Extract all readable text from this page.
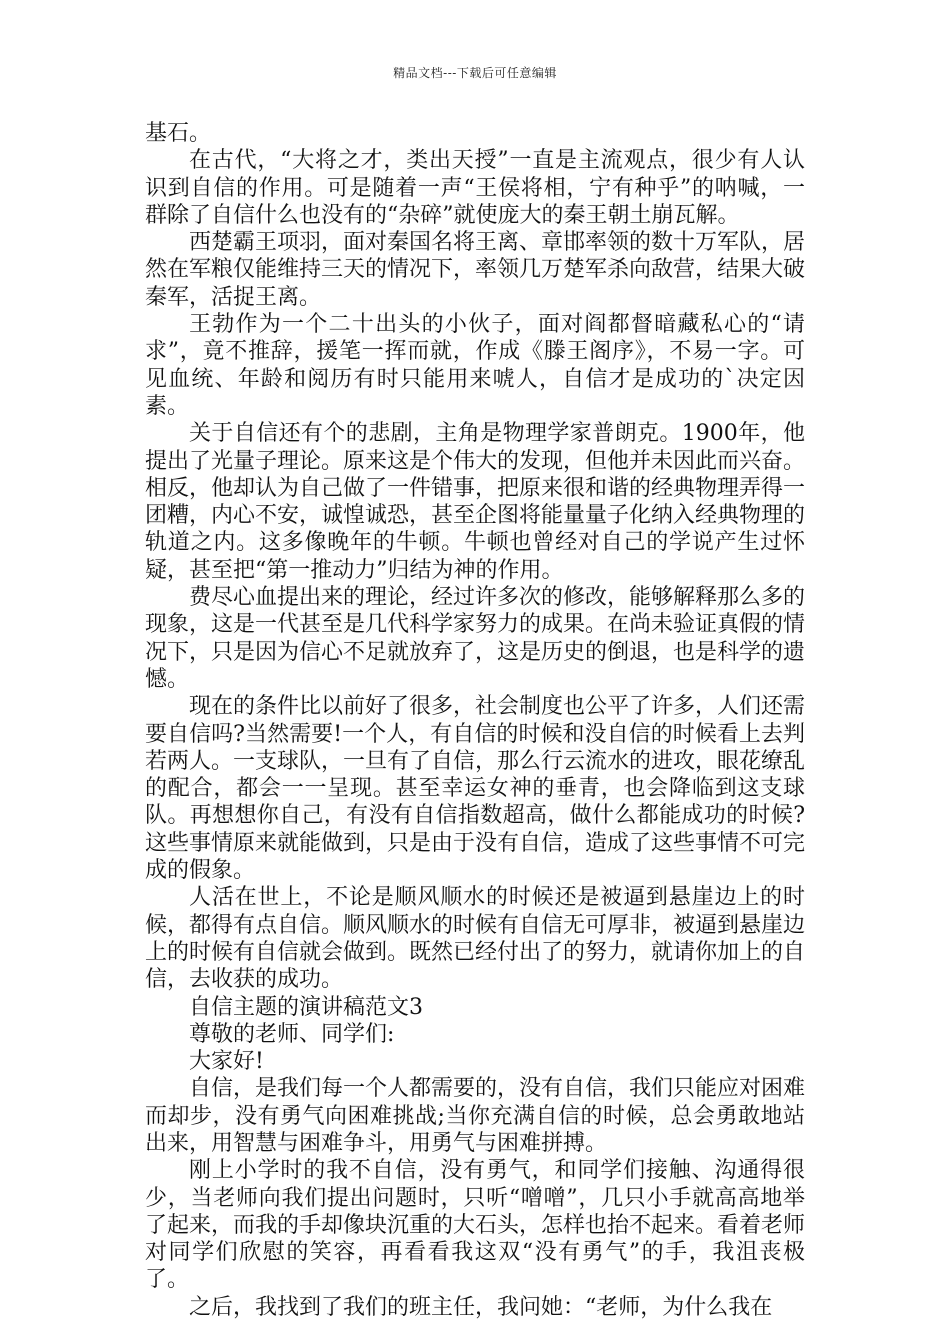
精品文档---下载后可任意编辑

基石。

在古代，“大将之才，类出天授”一直是主流观点，很少有人认识到自信的作用。可是随着一声“王侯将相，宁有种乎”的呐喊，一群除了自信什么也没有的“杂碎”就使庞大的秦王朝土崩瓦解。

西楚霸王项羽，面对秦国名将王离、章邯率领的数十万军队，居然在军粮仅能维持三天的情况下，率领几万楚军杀向敌营，结果大破秦军，活捉王离。

王勃作为一个二十出头的小伙子，面对阎都督暗藏私心的“请求”，竟不推辞，援笔一挥而就，作成《滕王阁序》，不易一字。可见血统、年龄和阅历有时只能用来唬人，自信才是成功的`决定因素。

关于自信还有个的悲剧，主角是物理学家普朗克。1900年，他提出了光量子理论。原来这是个伟大的发现，但他并未因此而兴奋。相反，他却认为自己做了一件错事，把原来很和谐的经典物理弄得一团糟，内心不安，诚惶诚恐，甚至企图将能量量子化纳入经典物理的轨道之内。这多像晚年的牛顿。牛顿也曾经对自己的学说产生过怀疑，甚至把“第一推动力”归结为神的作用。

费尽心血提出来的理论，经过许多次的修改，能够解释那么多的现象，这是一代甚至是几代科学家努力的成果。在尚未验证真假的情况下，只是因为信心不足就放弃了，这是历史的倒退，也是科学的遗憾。

现在的条件比以前好了很多，社会制度也公平了许多，人们还需要自信吗?当然需要!一个人，有自信的时候和没自信的时候看上去判若两人。一支球队，一旦有了自信，那么行云流水的进攻，眼花缭乱的配合，都会一一呈现。甚至幸运女神的垂青，也会降临到这支球队。再想想你自己，有没有自信指数超高，做什么都能成功的时候?这些事情原来就能做到，只是由于没有自信，造成了这些事情不可完成的假象。

人活在世上，不论是顺风顺水的时候还是被逼到悬崖边上的时候，都得有点自信。顺风顺水的时候有自信无可厚非，被逼到悬崖边上的时候有自信就会做到。既然已经付出了的努力，就请你加上的自信，去收获的成功。

自信主题的演讲稿范文3

尊敬的老师、同学们:

大家好!

自信，是我们每一个人都需要的，没有自信，我们只能应对困难而却步，没有勇气向困难挑战;当你充满自信的时候，总会勇敢地站出来，用智慧与困难争斗，用勇气与困难拼搏。

刚上小学时的我不自信，没有勇气，和同学们接触、沟通得很少，当老师向我们提出问题时，只听“噌噌”，几只小手就高高地举了起来，而我的手却像块沉重的大石头，怎样也抬不起来。看着老师对同学们欣慰的笑容，再看看我这双“没有勇气”的手，我沮丧极了。

之后，我找到了我们的班主任，我问她：“老师，为什么我在
